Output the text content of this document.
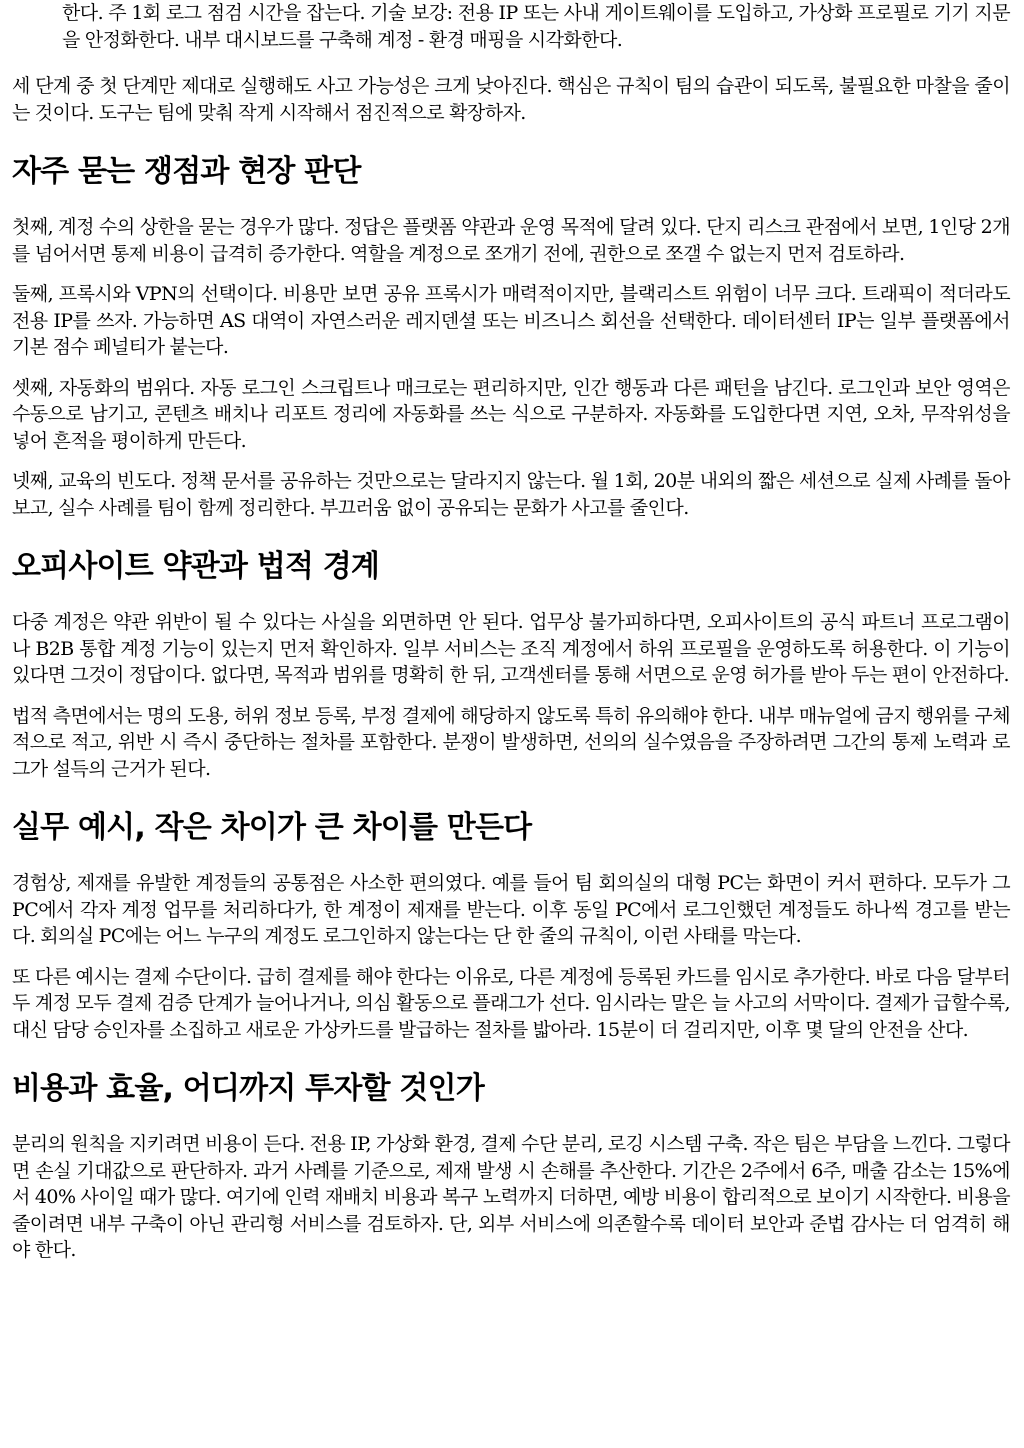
한다. 주 1회 로그 점검 시간을 잡는다. 기술 보강: 전용 IP 또는 사내 게이트웨이를 도입하고, 가상화 프로필로 기기 지문을 안정화한다. 내부 대시보드를 구축해 계정 - 환경 매핑을 시각화한다.

세 단계 중 첫 단계만 제대로 실행해도 사고 가능성은 크게 낮아진다. 핵심은 규칙이 팀의 습관이 되도록, 불필요한 마찰을 줄이는 것이다. 도구는 팀에 맞춰 작게 시작해서 점진적으로 확장하자.

자주 묻는 쟁점과 현장 판단

첫째, 계정 수의 상한을 묻는 경우가 많다. 정답은 플랫폼 약관과 운영 목적에 달려 있다. 단지 리스크 관점에서 보면, 1인당 2개를 넘어서면 통제 비용이 급격히 증가한다. 역할을 계정으로 쪼개기 전에, 권한으로 쪼갤 수 없는지 먼저 검토하라.

둘째, 프록시와 VPN의 선택이다. 비용만 보면 공유 프록시가 매력적이지만, 블랙리스트 위험이 너무 크다. 트래픽이 적더라도 전용 IP를 쓰자. 가능하면 AS 대역이 자연스러운 레지덴셜 또는 비즈니스 회선을 선택한다. 데이터센터 IP는 일부 플랫폼에서 기본 점수 페널티가 붙는다.

셋째, 자동화의 범위다. 자동 로그인 스크립트나 매크로는 편리하지만, 인간 행동과 다른 패턴을 남긴다. 로그인과 보안 영역은 수동으로 남기고, 콘텐츠 배치나 리포트 정리에 자동화를 쓰는 식으로 구분하자. 자동화를 도입한다면 지연, 오차, 무작위성을 넣어 흔적을 평이하게 만든다.

넷째, 교육의 빈도다. 정책 문서를 공유하는 것만으로는 달라지지 않는다. 월 1회, 20분 내외의 짧은 세션으로 실제 사례를 돌아보고, 실수 사례를 팀이 함께 정리한다. 부끄러움 없이 공유되는 문화가 사고를 줄인다.

오피사이트 약관과 법적 경계

다중 계정은 약관 위반이 될 수 있다는 사실을 외면하면 안 된다. 업무상 불가피하다면, 오피사이트의 공식 파트너 프로그램이나 B2B 통합 계정 기능이 있는지 먼저 확인하자. 일부 서비스는 조직 계정에서 하위 프로필을 운영하도록 허용한다. 이 기능이 있다면 그것이 정답이다. 없다면, 목적과 범위를 명확히 한 뒤, 고객센터를 통해 서면으로 운영 허가를 받아 두는 편이 안전하다.

법적 측면에서는 명의 도용, 허위 정보 등록, 부정 결제에 해당하지 않도록 특히 유의해야 한다. 내부 매뉴얼에 금지 행위를 구체적으로 적고, 위반 시 즉시 중단하는 절차를 포함한다. 분쟁이 발생하면, 선의의 실수였음을 주장하려면 그간의 통제 노력과 로그가 설득의 근거가 된다.

실무 예시, 작은 차이가 큰 차이를 만든다

경험상, 제재를 유발한 계정들의 공통점은 사소한 편의였다. 예를 들어 팀 회의실의 대형 PC는 화면이 커서 편하다. 모두가 그 PC에서 각자 계정 업무를 처리하다가, 한 계정이 제재를 받는다. 이후 동일 PC에서 로그인했던 계정들도 하나씩 경고를 받는다. 회의실 PC에는 어느 누구의 계정도 로그인하지 않는다는 단 한 줄의 규칙이, 이런 사태를 막는다.

또 다른 예시는 결제 수단이다. 급히 결제를 해야 한다는 이유로, 다른 계정에 등록된 카드를 임시로 추가한다. 바로 다음 달부터 두 계정 모두 결제 검증 단계가 늘어나거나, 의심 활동으로 플래그가 선다. 임시라는 말은 늘 사고의 서막이다. 결제가 급할수록, 대신 담당 승인자를 소집하고 새로운 가상카드를 발급하는 절차를 밟아라. 15분이 더 걸리지만, 이후 몇 달의 안전을 산다.

비용과 효율, 어디까지 투자할 것인가

분리의 원칙을 지키려면 비용이 든다. 전용 IP, 가상화 환경, 결제 수단 분리, 로깅 시스템 구축. 작은 팀은 부담을 느낀다. 그렇다면 손실 기대값으로 판단하자. 과거 사례를 기준으로, 제재 발생 시 손해를 추산한다. 기간은 2주에서 6주, 매출 감소는 15%에서 40% 사이일 때가 많다. 여기에 인력 재배치 비용과 복구 노력까지 더하면, 예방 비용이 합리적으로 보이기 시작한다. 비용을 줄이려면 내부 구축이 아닌 관리형 서비스를 검토하자. 단, 외부 서비스에 의존할수록 데이터 보안과 준법 감사는 더 엄격히 해야 한다.
